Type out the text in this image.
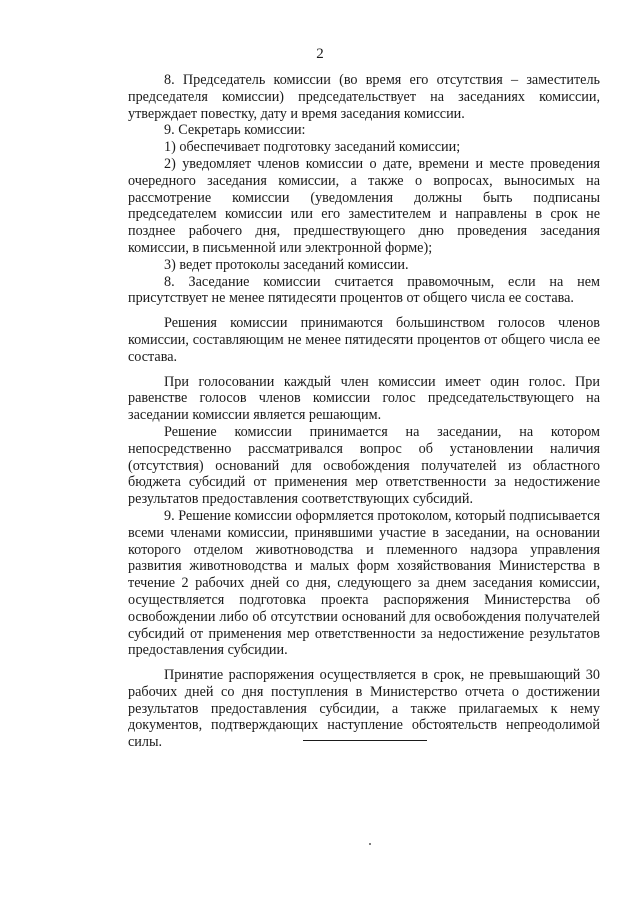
2

8. Председатель комиссии (во время его отсутствия – заместитель председателя комиссии) председательствует на заседаниях комиссии, утверждает повестку, дату и время заседания комиссии.

9. Секретарь комиссии:

1) обеспечивает подготовку заседаний комиссии;

2) уведомляет членов комиссии о дате, времени и месте проведения очередного заседания комиссии, а также о вопросах, выносимых на рассмотрение комиссии (уведомления должны быть подписаны председателем комиссии или его заместителем и направлены в срок не позднее рабочего дня, предшествующего дню проведения заседания комиссии, в письменной или электронной форме);

3) ведет протоколы заседаний комиссии.

8. Заседание комиссии считается правомочным, если на нем присутствует не менее пятидесяти процентов от общего числа ее состава.

Решения комиссии принимаются большинством голосов членов комиссии, составляющим не менее пятидесяти процентов от общего числа ее состава.

При голосовании каждый член комиссии имеет один голос. При равенстве голосов членов комиссии голос председательствующего на заседании комиссии является решающим.

Решение комиссии принимается на заседании, на котором непосредственно рассматривался вопрос об установлении наличия (отсутствия) оснований для освобождения получателей из областного бюджета субсидий от применения мер ответственности за недостижение результатов предоставления соответствующих субсидий.

9. Решение комиссии оформляется протоколом, который подписывается всеми членами комиссии, принявшими участие в заседании, на основании которого отделом животноводства и племенного надзора управления развития животноводства и малых форм хозяйствования Министерства в течение 2 рабочих дней со дня, следующего за днем заседания комиссии, осуществляется подготовка проекта распоряжения Министерства об освобождении либо об отсутствии оснований для освобождения получателей субсидий от применения мер ответственности за недостижение результатов предоставления субсидии.

Принятие распоряжения осуществляется в срок, не превышающий 30 рабочих дней со дня поступления в Министерство отчета о достижении результатов предоставления субсидии, а также прилагаемых к нему документов, подтверждающих наступление обстоятельств непреодолимой силы.
